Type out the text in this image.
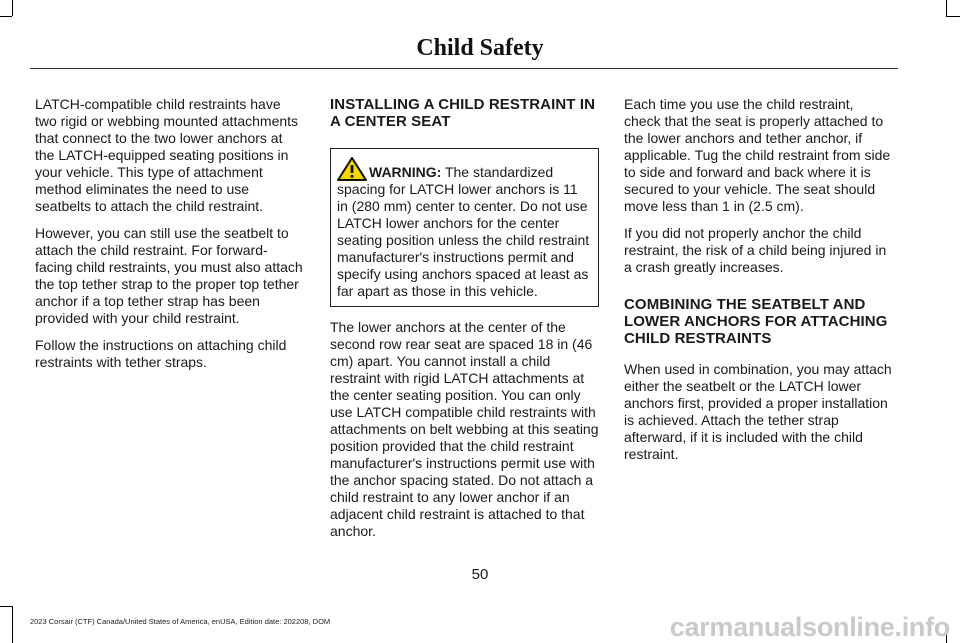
Child Safety

LATCH-compatible child restraints have two rigid or webbing mounted attachments that connect to the two lower anchors at the LATCH-equipped seating positions in your vehicle. This type of attachment method eliminates the need to use seatbelts to attach the child restraint.

However, you can still use the seatbelt to attach the child restraint. For forward-facing child restraints, you must also attach the top tether strap to the proper top tether anchor if a top tether strap has been provided with your child restraint.

Follow the instructions on attaching child restraints with tether straps.

INSTALLING A CHILD RESTRAINT IN A CENTER SEAT
WARNING: The standardized spacing for LATCH lower anchors is 11 in (280 mm) center to center. Do not use LATCH lower anchors for the center seating position unless the child restraint manufacturer's instructions permit and specify using anchors spaced at least as far apart as those in this vehicle.

The lower anchors at the center of the second row rear seat are spaced 18 in (46 cm) apart. You cannot install a child restraint with rigid LATCH attachments at the center seating position. You can only use LATCH compatible child restraints with attachments on belt webbing at this seating position provided that the child restraint manufacturer's instructions permit use with the anchor spacing stated. Do not attach a child restraint to any lower anchor if an adjacent child restraint is attached to that anchor.

Each time you use the child restraint, check that the seat is properly attached to the lower anchors and tether anchor, if applicable. Tug the child restraint from side to side and forward and back where it is secured to your vehicle. The seat should move less than 1 in (2.5 cm).

If you did not properly anchor the child restraint, the risk of a child being injured in a crash greatly increases.

COMBINING THE SEATBELT AND LOWER ANCHORS FOR ATTACHING CHILD RESTRAINTS

When used in combination, you may attach either the seatbelt or the LATCH lower anchors first, provided a proper installation is achieved. Attach the tether strap afterward, if it is included with the child restraint.

50
2023 Corsair (CTF) Canada/United States of America, enUSA, Edition date: 202208, DOM	carmanualsonline.info
